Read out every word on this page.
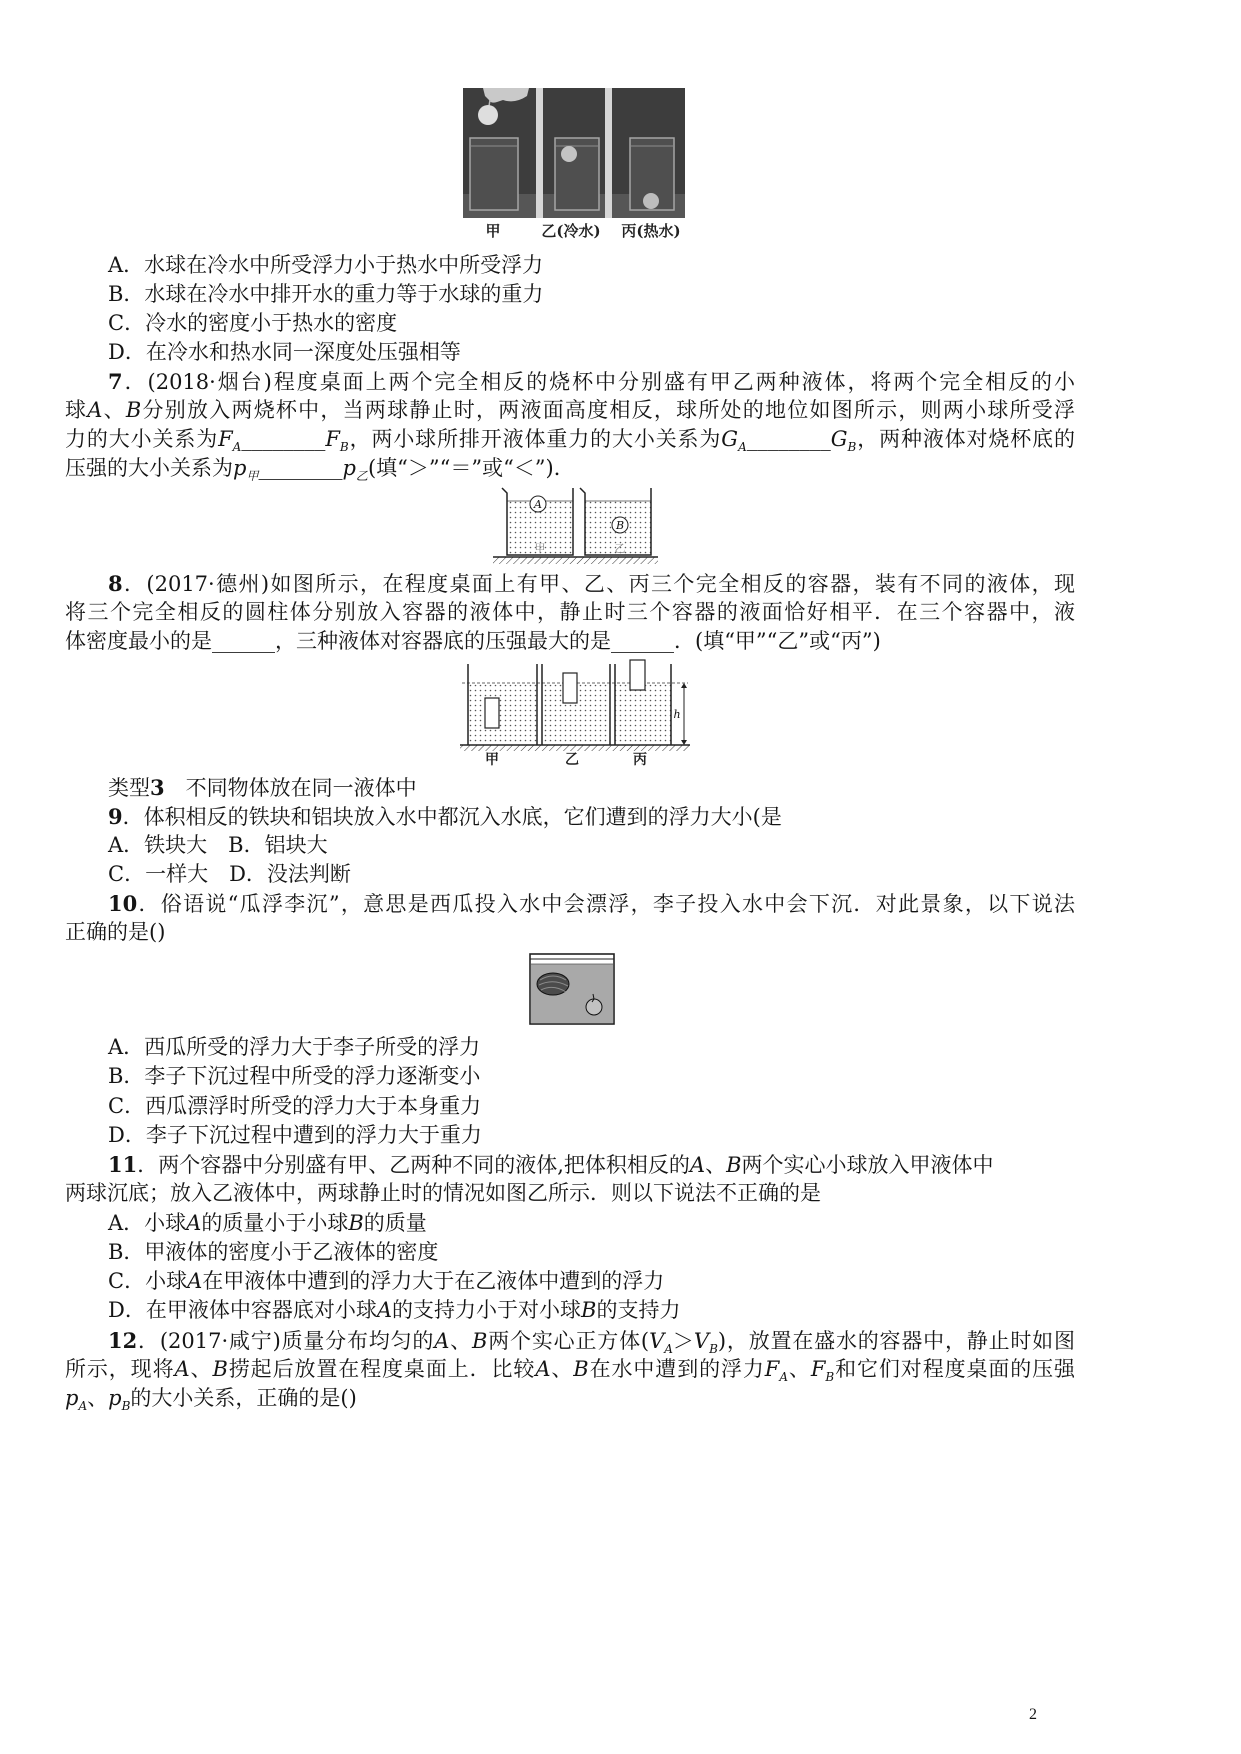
甲	乙(冷水) 丙(热水)
A．水球在冷水中所受浮力小于热水中所受浮力
B．水球在冷水中排开水的重力等于水球的重力
C．冷水的密度小于热水的密度
D．在冷水和热水同一深度处压强相等
7．(2018·烟台)程度桌面上两个完全相反的烧杯中分别盛有甲乙两种液体，将两个完全相反的小
球A、B分别放入两烧杯中，当两球静止时，两液面高度相反，球所处的地位如图所示，则两小球所受浮
力的大小关系为$F_A\_\_\_\_\_\_\_\_F_B$，两小球所排开液体重力的大小关系为$G_A\_\_\_\_\_\_\_\_G_B$，两种液体对烧杯底的
压强的大小关系为$p_甲\_\_\_\_\_\_\_\_p_乙$(填“＞”“＝”或“＜”)．
A
B
甲	乙
8．(2017·德州)如图所示，在程度桌面上有甲、乙、丙三个完全相反的容器，装有不同的液体，现
将三个完全相反的圆柱体分别放入容器的液体中，静止时三个容器的液面恰好相平．在三个容器中，液
体密度最小的是______，三种液体对容器底的压强最大的是______．(填“甲”“乙”或“丙”)
h
甲	乙	丙
类型3　不同物体放在同一液体中
9．体积相反的铁块和铝块放入水中都沉入水底，它们遭到的浮力大小(是
A．铁块大　B．铝块大
C．一样大　D．没法判断
10．俗语说“瓜浮李沉”，意思是西瓜投入水中会漂浮，李子投入水中会下沉．对此景象，以下说法
正确的是()
A．西瓜所受的浮力大于李子所受的浮力
B．李子下沉过程中所受的浮力逐渐变小
C．西瓜漂浮时所受的浮力大于本身重力
D．李子下沉过程中遭到的浮力大于重力
11．两个容器中分别盛有甲、乙两种不同的液体,把体积相反的A、B两个实心小球放入甲液体中
两球沉底；放入乙液体中，两球静止时的情况如图乙所示．则以下说法不正确的是
A．小球A的质量小于小球B的质量
B．甲液体的密度小于乙液体的密度
C．小球A在甲液体中遭到的浮力大于在乙液体中遭到的浮力
D．在甲液体中容器底对小球A的支持力小于对小球B的支持力
12．(2017·咸宁)质量分布均匀的A、B两个实心正方体$(V_A>V_B)$，放置在盛水的容器中，静止时如图
所示，现将A、B捞起后放置在程度桌面上．比较A、B在水中遭到的浮力$F_A$、$F_B$和它们对程度桌面的压强
$p_A$、$p_B$的大小关系，正确的是()
2
